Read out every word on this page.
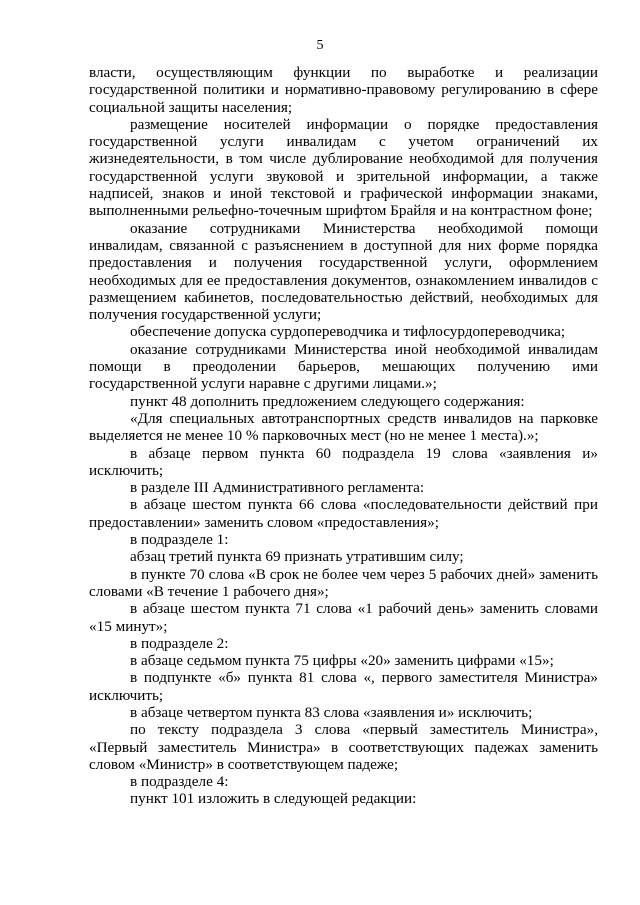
5

власти, осуществляющим функции по выработке и реализации государственной политики и нормативно-правовому регулированию в сфере социальной защиты населения;

размещение носителей информации о порядке предоставления государственной услуги инвалидам с учетом ограничений их жизнедеятельности, в том числе дублирование необходимой для получения государственной услуги звуковой и зрительной информации, а также надписей, знаков и иной текстовой и графической информации знаками, выполненными рельефно-точечным шрифтом Брайля и на контрастном фоне;

оказание сотрудниками Министерства необходимой помощи инвалидам, связанной с разъяснением в доступной для них форме порядка предоставления и получения государственной услуги, оформлением необходимых для ее предоставления документов, ознакомлением инвалидов с размещением кабинетов, последовательностью действий, необходимых для получения государственной услуги;

обеспечение допуска сурдопереводчика и тифлосурдопереводчика;

оказание сотрудниками Министерства иной необходимой инвалидам помощи в преодолении барьеров, мешающих получению ими государственной услуги наравне с другими лицами.»;

пункт 48 дополнить предложением следующего содержания:

«Для специальных автотранспортных средств инвалидов на парковке выделяется не менее 10 % парковочных мест (но не менее 1 места).»;

в абзаце первом пункта 60 подраздела 19 слова «заявления и» исключить;

в разделе III Административного регламента:

в абзаце шестом пункта 66 слова «последовательности действий при предоставлении» заменить словом «предоставления»;

в подразделе 1:

абзац третий пункта 69 признать утратившим силу;

в пункте 70 слова «В срок не более чем через 5 рабочих дней» заменить словами «В течение 1 рабочего дня»;

в абзаце шестом пункта 71 слова «1 рабочий день» заменить словами «15 минут»;

в подразделе 2:

в абзаце седьмом пункта 75 цифры «20» заменить цифрами «15»;

в подпункте «б» пункта 81 слова «, первого заместителя Министра» исключить;

в абзаце четвертом пункта 83 слова «заявления и» исключить;

по тексту подраздела 3 слова «первый заместитель Министра», «Первый заместитель Министра» в соответствующих падежах заменить словом «Министр» в соответствующем падеже;

в подразделе 4:

пункт 101 изложить в следующей редакции:
